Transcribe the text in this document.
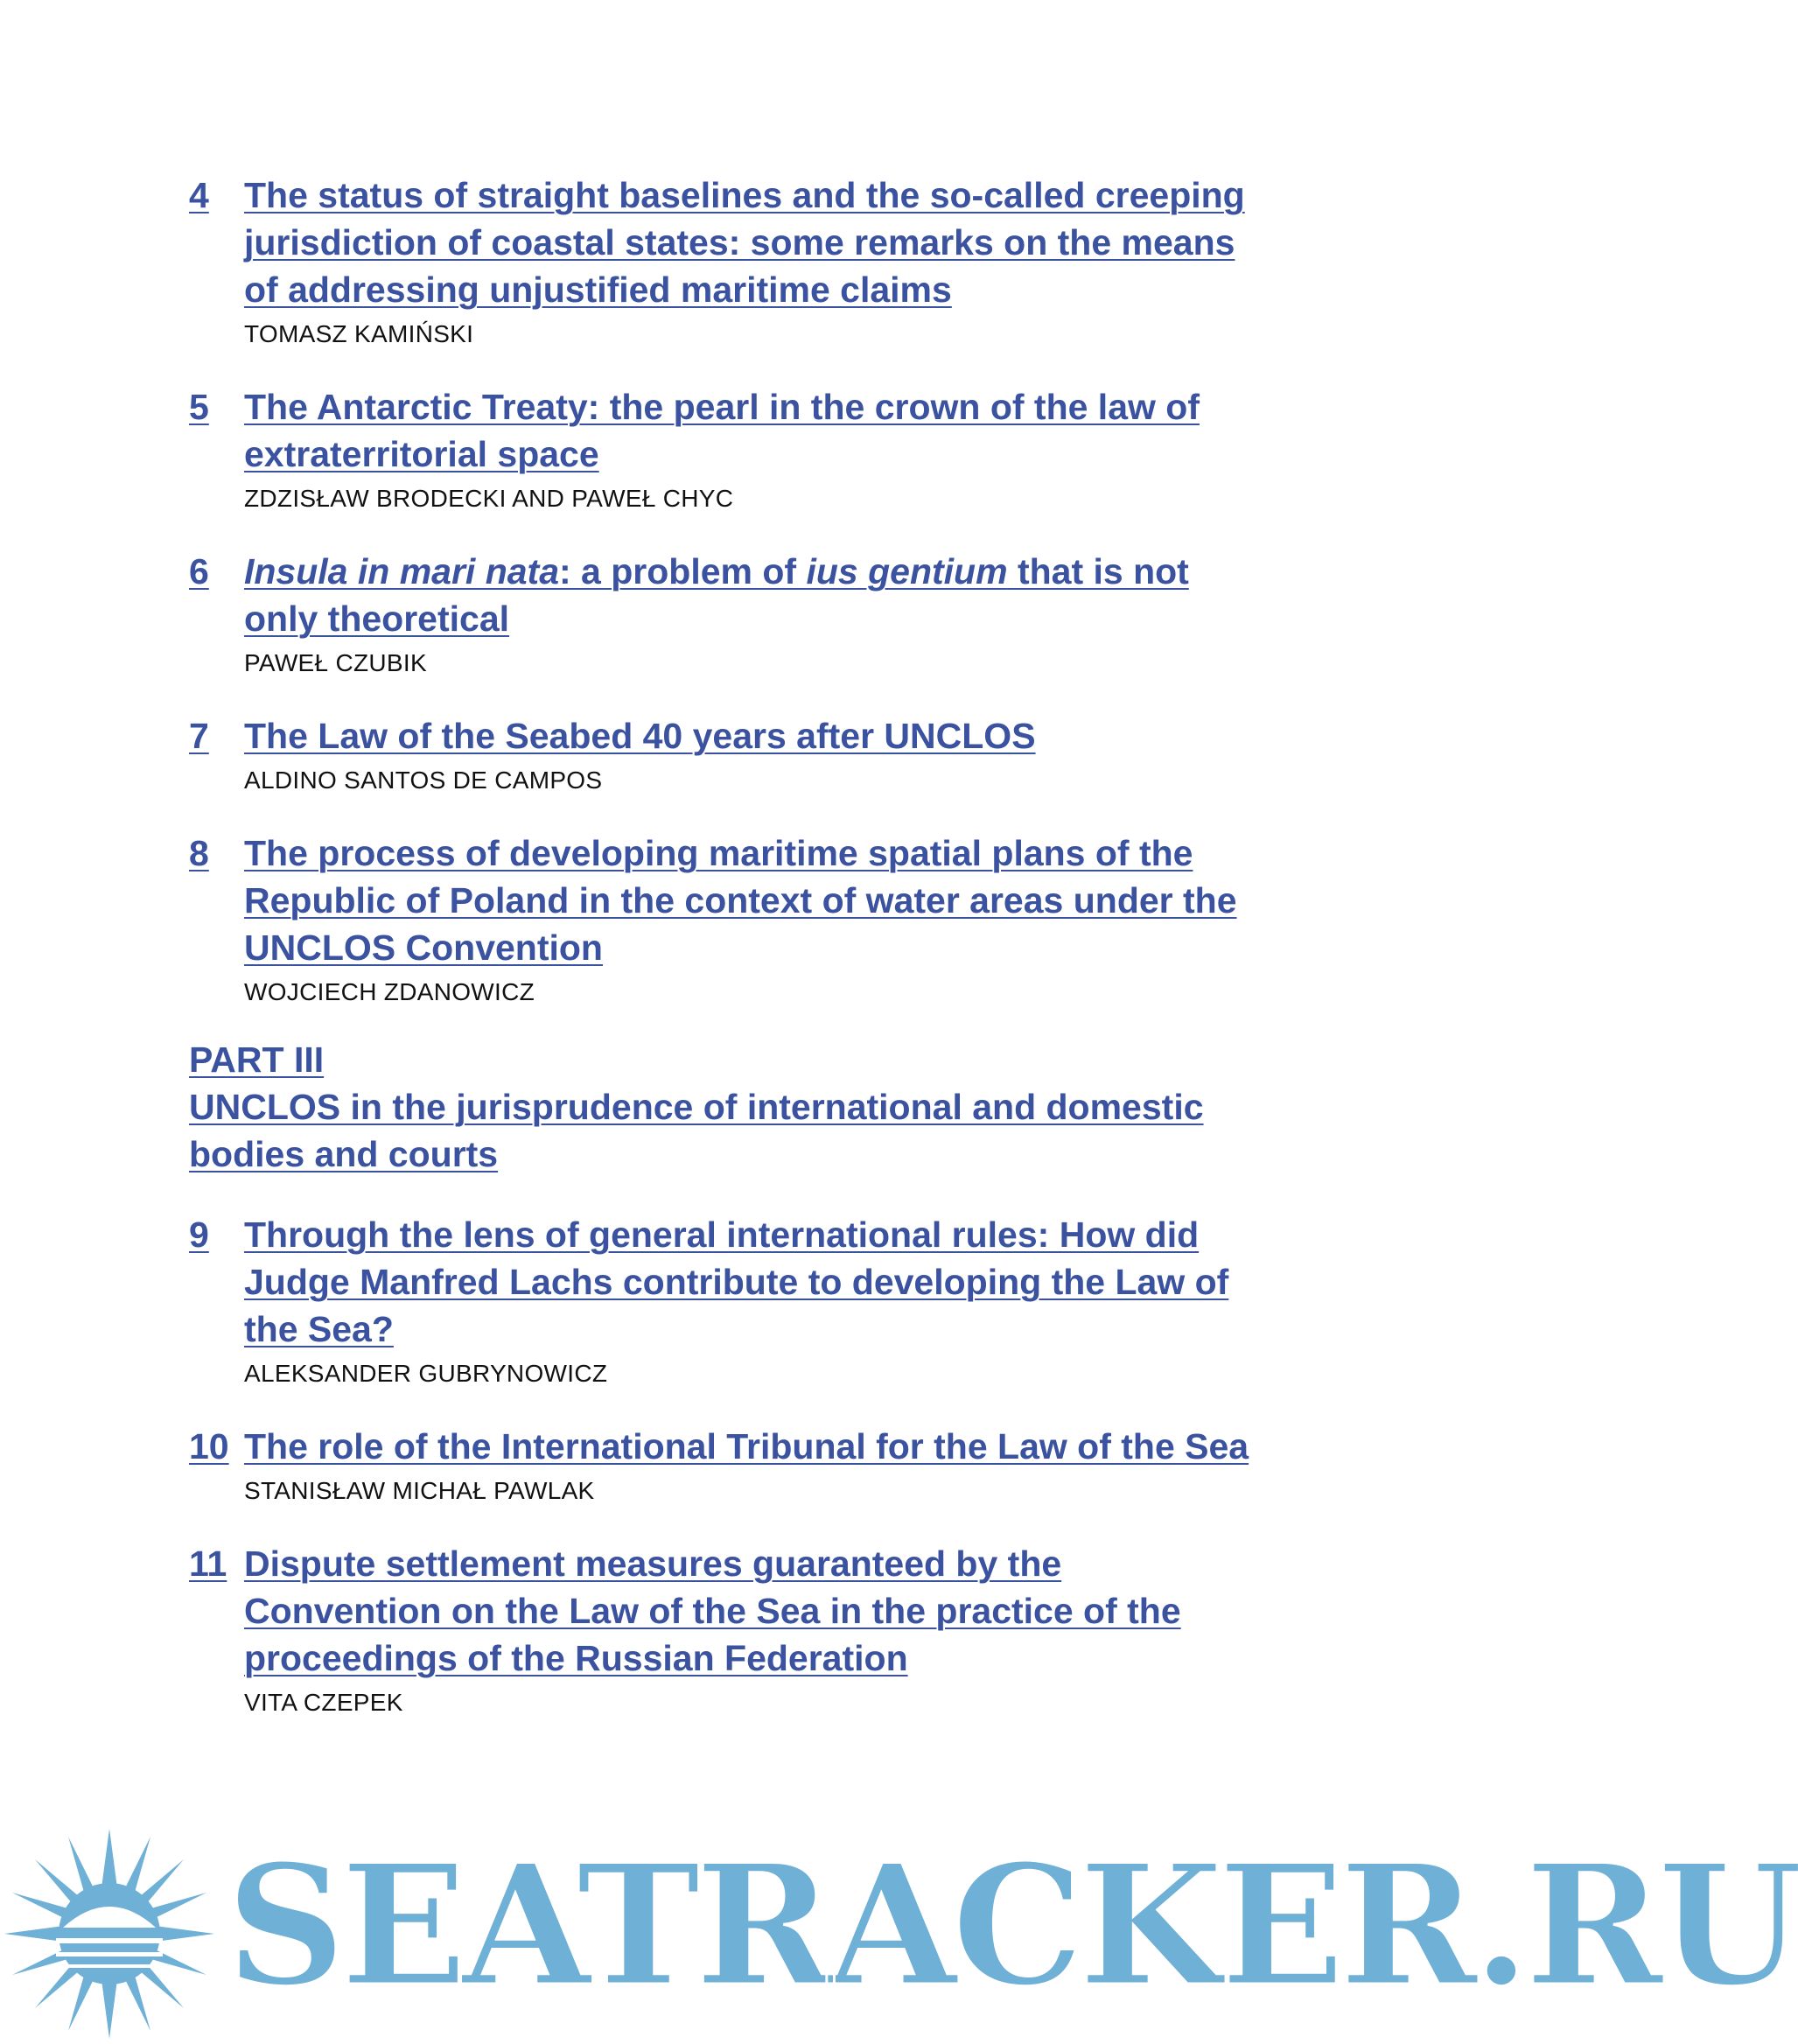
4 The status of straight baselines and the so-called creeping
jurisdiction of coastal states: some remarks on the means
of addressing unjustified maritime claims
TOMASZ KAMIŃSKI
5 The Antarctic Treaty: the pearl in the crown of the law of
extraterritorial space
ZDZISŁAW BRODECKI AND PAWEŁ CHYC
6 Insula in mari nata: a problem of ius gentium that is not
only theoretical
PAWEŁ CZUBIK
7 The Law of the Seabed 40 years after UNCLOS
ALDINO SANTOS DE CAMPOS
8 The process of developing maritime spatial plans of the
Republic of Poland in the context of water areas under the
UNCLOS Convention
WOJCIECH ZDANOWICZ
PART III
UNCLOS in the jurisprudence of international and domestic
bodies and courts
9 Through the lens of general international rules: How did
Judge Manfred Lachs contribute to developing the Law of
the Sea?
ALEKSANDER GUBRYNOWICZ
10 The role of the International Tribunal for the Law of the Sea
STANISŁAW MICHAŁ PAWLAK
11 Dispute settlement measures guaranteed by the
Convention on the Law of the Sea in the practice of the
proceedings of the Russian Federation
VITA CZEPEK
SEATRACKER.RU
